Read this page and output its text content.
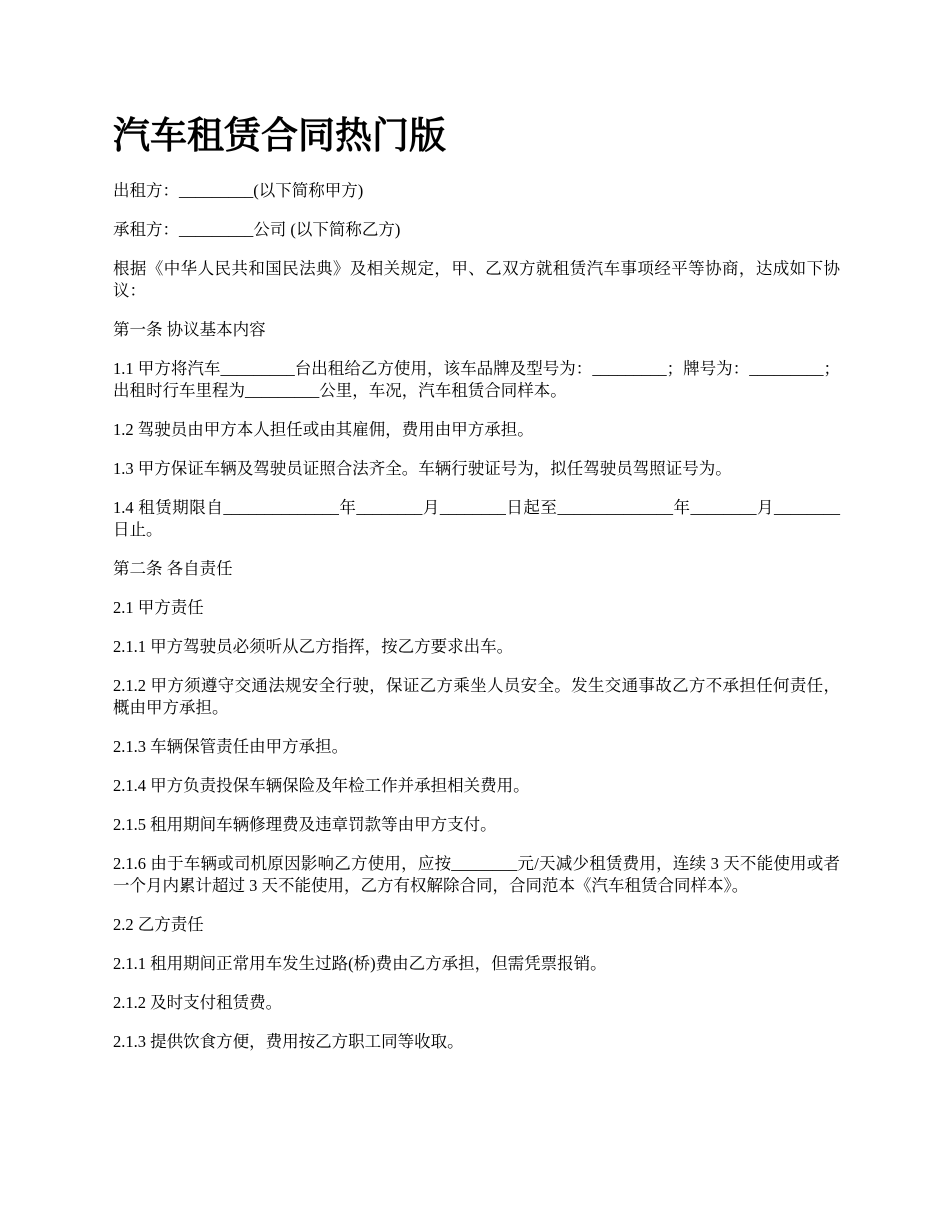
汽车租赁合同热门版

出租方：_________(以下简称甲方)

承租方：_________公司 (以下简称乙方)

根据《中华人民共和国民法典》及相关规定，甲、乙双方就租赁汽车事项经平等协商，达成如下协议：

第一条 协议基本内容

1.1 甲方将汽车_________台出租给乙方使用，该车品牌及型号为：_________；牌号为：_________；出租时行车里程为_________公里，车况，汽车租赁合同样本。

1.2 驾驶员由甲方本人担任或由其雇佣，费用由甲方承担。

1.3 甲方保证车辆及驾驶员证照合法齐全。车辆行驶证号为，拟任驾驶员驾照证号为。

1.4 租赁期限自______________年________月________日起至______________年________月________日止。

第二条 各自责任

2.1 甲方责任

2.1.1 甲方驾驶员必须听从乙方指挥，按乙方要求出车。

2.1.2 甲方须遵守交通法规安全行驶，保证乙方乘坐人员安全。发生交通事故乙方不承担任何责任，概由甲方承担。

2.1.3 车辆保管责任由甲方承担。

2.1.4 甲方负责投保车辆保险及年检工作并承担相关费用。

2.1.5 租用期间车辆修理费及违章罚款等由甲方支付。

2.1.6 由于车辆或司机原因影响乙方使用，应按________元/天减少租赁费用，连续 3 天不能使用或者一个月内累计超过 3 天不能使用，乙方有权解除合同，合同范本《汽车租赁合同样本》。

2.2 乙方责任

2.1.1 租用期间正常用车发生过路(桥)费由乙方承担，但需凭票报销。

2.1.2 及时支付租赁费。

2.1.3 提供饮食方便，费用按乙方职工同等收取。
